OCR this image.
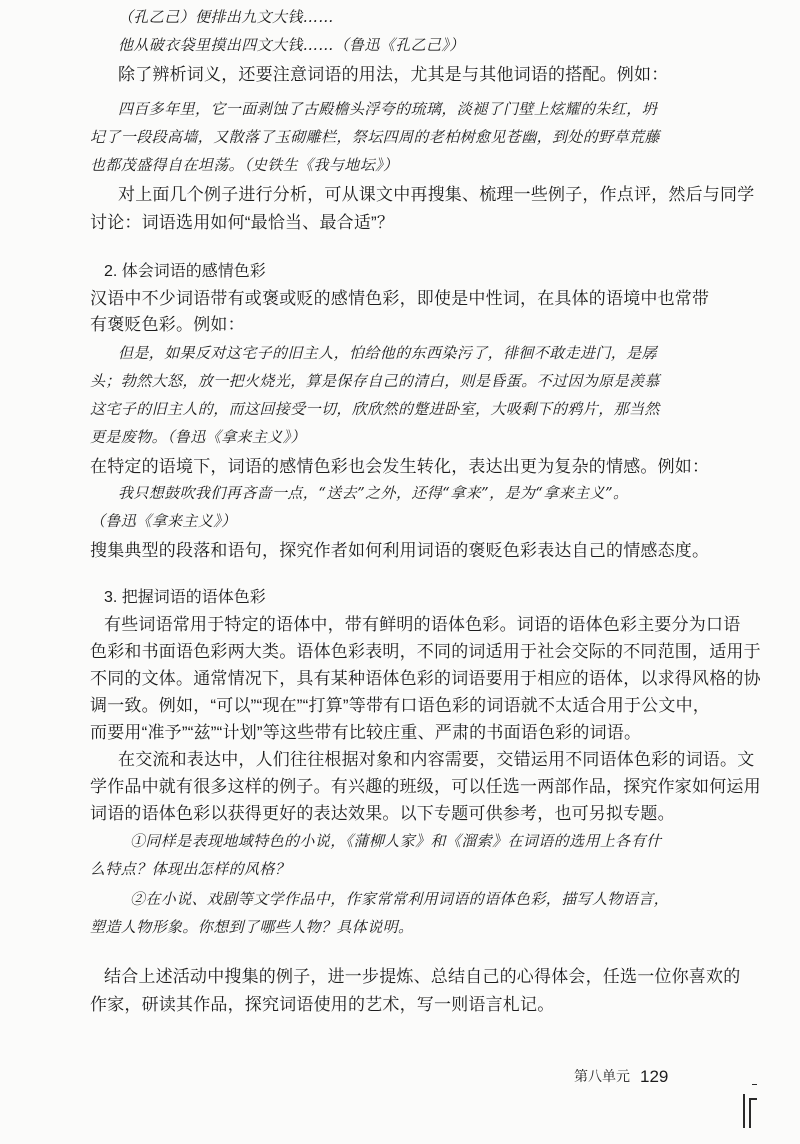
（孔乙己）便排出九文大钱……
他从破衣袋里摸出四文大钱……（鲁迅《孔乙己》）
除了辨析词义，还要注意词语的用法，尤其是与其他词语的搭配。例如：
四百多年里，它一面剥蚀了古殿檐头浮夸的琉璃，淡褪了门壁上炫耀的朱红，坍
圮了一段段高墙，又散落了玉砌雕栏，祭坛四周的老柏树愈见苍幽，到处的野草荒藤
也都茂盛得自在坦荡。（史铁生《我与地坛》）
对上面几个例子进行分析，可从课文中再搜集、梳理一些例子，作点评，然后与同学
讨论：词语选用如何“最恰当、最合适”？
2. 体会词语的感情色彩
汉语中不少词语带有或褒或贬的感情色彩，即使是中性词，在具体的语境中也常带
有褒贬色彩。例如：
但是，如果反对这宅子的旧主人，怕给他的东西染污了，徘徊不敢走进门，是孱
头；勃然大怒，放一把火烧光，算是保存自己的清白，则是昏蛋。不过因为原是羡慕
这宅子的旧主人的，而这回接受一切，欣欣然的蹩进卧室，大吸剩下的鸦片，那当然
更是废物。（鲁迅《拿来主义》）
在特定的语境下，词语的感情色彩也会发生转化，表达出更为复杂的情感。例如：
我只想鼓吹我们再吝啬一点，“送去”之外，还得“拿来”，是为“拿来主义”。
（鲁迅《拿来主义》）
搜集典型的段落和语句，探究作者如何利用词语的褒贬色彩表达自己的情感态度。
3. 把握词语的语体色彩
有些词语常用于特定的语体中，带有鲜明的语体色彩。词语的语体色彩主要分为口语
色彩和书面语色彩两大类。语体色彩表明，不同的词适用于社会交际的不同范围，适用于
不同的文体。通常情况下，具有某种语体色彩的词语要用于相应的语体，以求得风格的协
调一致。例如，“可以”“现在”“打算”等带有口语色彩的词语就不太适合用于公文中，
而要用“准予”“兹”“计划”等这些带有比较庄重、严肃的书面语色彩的词语。
在交流和表达中，人们往往根据对象和内容需要，交错运用不同语体色彩的词语。文
学作品中就有很多这样的例子。有兴趣的班级，可以任选一两部作品，探究作家如何运用
词语的语体色彩以获得更好的表达效果。以下专题可供参考，也可另拟专题。
①同样是表现地域特色的小说，《蒲柳人家》和《溜索》在词语的选用上各有什
么特点？体现出怎样的风格？
②在小说、戏剧等文学作品中，作家常常利用词语的语体色彩，描写人物语言，
塑造人物形象。你想到了哪些人物？具体说明。
结合上述活动中搜集的例子，进一步提炼、总结自己的心得体会，任选一位你喜欢的
作家，研读其作品，探究词语使用的艺术，写一则语言札记。
第八单元 129
